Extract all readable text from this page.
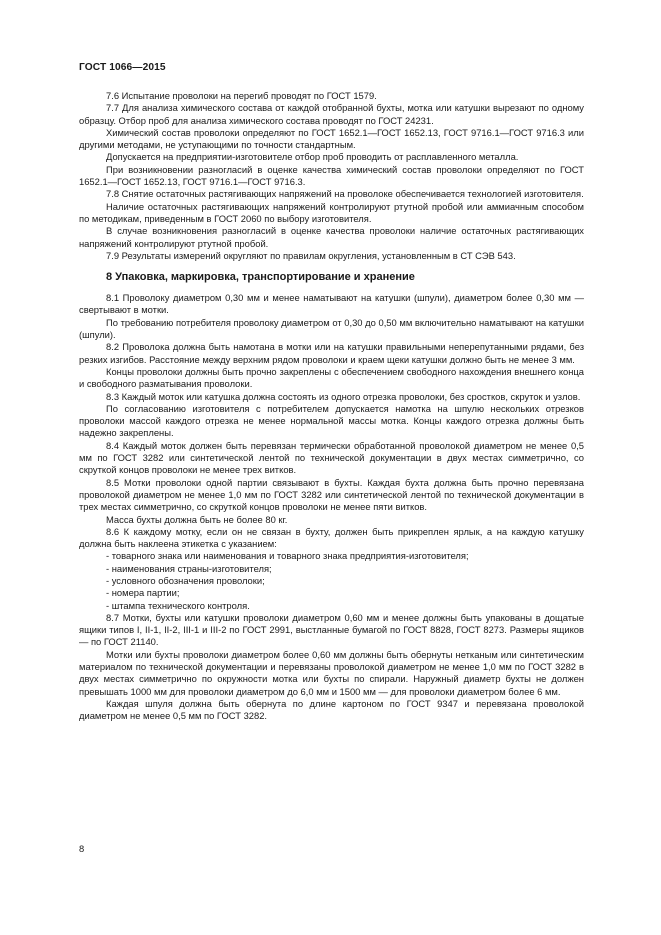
ГОСТ 1066—2015

7.6 Испытание проволоки на перегиб проводят по ГОСТ 1579.

7.7 Для анализа химического состава от каждой отобранной бухты, мотка или катушки вырезают по одному образцу. Отбор проб для анализа химического состава проводят по ГОСТ 24231.

Химический состав проволоки определяют по ГОСТ 1652.1—ГОСТ 1652.13, ГОСТ 9716.1—ГОСТ 9716.3 или другими методами, не уступающими по точности стандартным.

Допускается на предприятии-изготовителе отбор проб проводить от расплавленного металла.

При возникновении разногласий в оценке качества химический состав проволоки определяют по ГОСТ 1652.1—ГОСТ 1652.13, ГОСТ 9716.1—ГОСТ 9716.3.

7.8 Снятие остаточных растягивающих напряжений на проволоке обеспечивается технологией изготовителя.

Наличие остаточных растягивающих напряжений контролируют ртутной пробой или аммиачным способом по методикам, приведенным в ГОСТ 2060 по выбору изготовителя.

В случае возникновения разногласий в оценке качества проволоки наличие остаточных растягивающих напряжений контролируют ртутной пробой.

7.9 Результаты измерений округляют по правилам округления, установленным в СТ СЭВ 543.

8 Упаковка, маркировка, транспортирование и хранение

8.1 Проволоку диаметром 0,30 мм и менее наматывают на катушки (шпули), диаметром более 0,30 мм — свертывают в мотки.

По требованию потребителя проволоку диаметром от 0,30 до 0,50 мм включительно наматывают на катушки (шпули).

8.2 Проволока должна быть намотана в мотки или на катушки правильными неперепутанными рядами, без резких изгибов. Расстояние между верхним рядом проволоки и краем щеки катушки должно быть не менее 3 мм.

Концы проволоки должны быть прочно закреплены с обеспечением свободного нахождения внешнего конца и свободного разматывания проволоки.

8.3 Каждый моток или катушка должна состоять из одного отрезка проволоки, без сростков, скруток и узлов.

По согласованию изготовителя с потребителем допускается намотка на шпулю нескольких отрезков проволоки массой каждого отрезка не менее нормальной массы мотка. Концы каждого отрезка должны быть надежно закреплены.

8.4 Каждый моток должен быть перевязан термически обработанной проволокой диаметром не менее 0,5 мм по ГОСТ 3282 или синтетической лентой по технической документации в двух местах симметрично, со скруткой концов проволоки не менее трех витков.

8.5 Мотки проволоки одной партии связывают в бухты. Каждая бухта должна быть прочно перевязана проволокой диаметром не менее 1,0 мм по ГОСТ 3282 или синтетической лентой по технической документации в трех местах симметрично, со скруткой концов проволоки не менее пяти витков.

Масса бухты должна быть не более 80 кг.

8.6 К каждому мотку, если он не связан в бухту, должен быть прикреплен ярлык, а на каждую катушку должна быть наклеена этикетка с указанием:

- товарного знака или наименования и товарного знака предприятия-изготовителя;
- наименования страны-изготовителя;
- условного обозначения проволоки;
- номера партии;
- штампа технического контроля.

8.7 Мотки, бухты или катушки проволоки диаметром 0,60 мм и менее должны быть упакованы в дощатые ящики типов I, II-1, II-2, III-1 и III-2 по ГОСТ 2991, выстланные бумагой по ГОСТ 8828, ГОСТ 8273. Размеры ящиков — по ГОСТ 21140.

Мотки или бухты проволоки диаметром более 0,60 мм должны быть обернуты нетканым или синтетическим материалом по технической документации и перевязаны проволокой диаметром не менее 1,0 мм по ГОСТ 3282 в двух местах симметрично по окружности мотка или бухты по спирали. Наружный диаметр бухты не должен превышать 1000 мм для проволоки диаметром до 6,0 мм и 1500 мм — для проволоки диаметром более 6 мм.

Каждая шпуля должна быть обернута по длине картоном по ГОСТ 9347 и перевязана проволокой диаметром не менее 0,5 мм по ГОСТ 3282.

8
